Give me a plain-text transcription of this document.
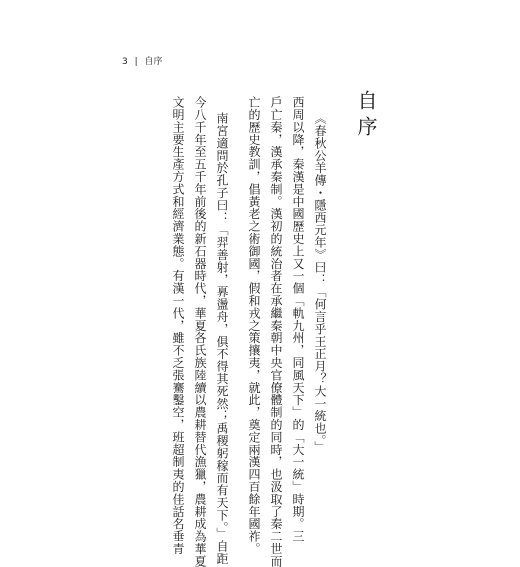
3 | 自序
自序
《春秋公羊傳・隱西元年》曰：「何言乎王正月？大一統也。」
西周以降，秦漢是中國歷史上又一個「軌九州，同風天下」的「大一統」時期。三
戶亡秦，漢承秦制。漢初的統治者在承繼秦朝中央官僚體制的同時，也汲取了秦二世而
亡的歷史教訓，倡黃老之術御國，假和戎之策攘夷，就此，奠定兩漢四百餘年國祚。
南宮適問於孔子曰：「羿善射，奡盪舟，俱不得其死然；禹稷躬稼而有天下。」自距
今八千年至五千年前後的新石器時代，華夏各氏族陸續以農耕替代漁獵，農耕成為華夏
文明主要生產方式和經濟業態。有漢一代，雖不乏張騫鑿空，班超制夷的佳話名垂青
